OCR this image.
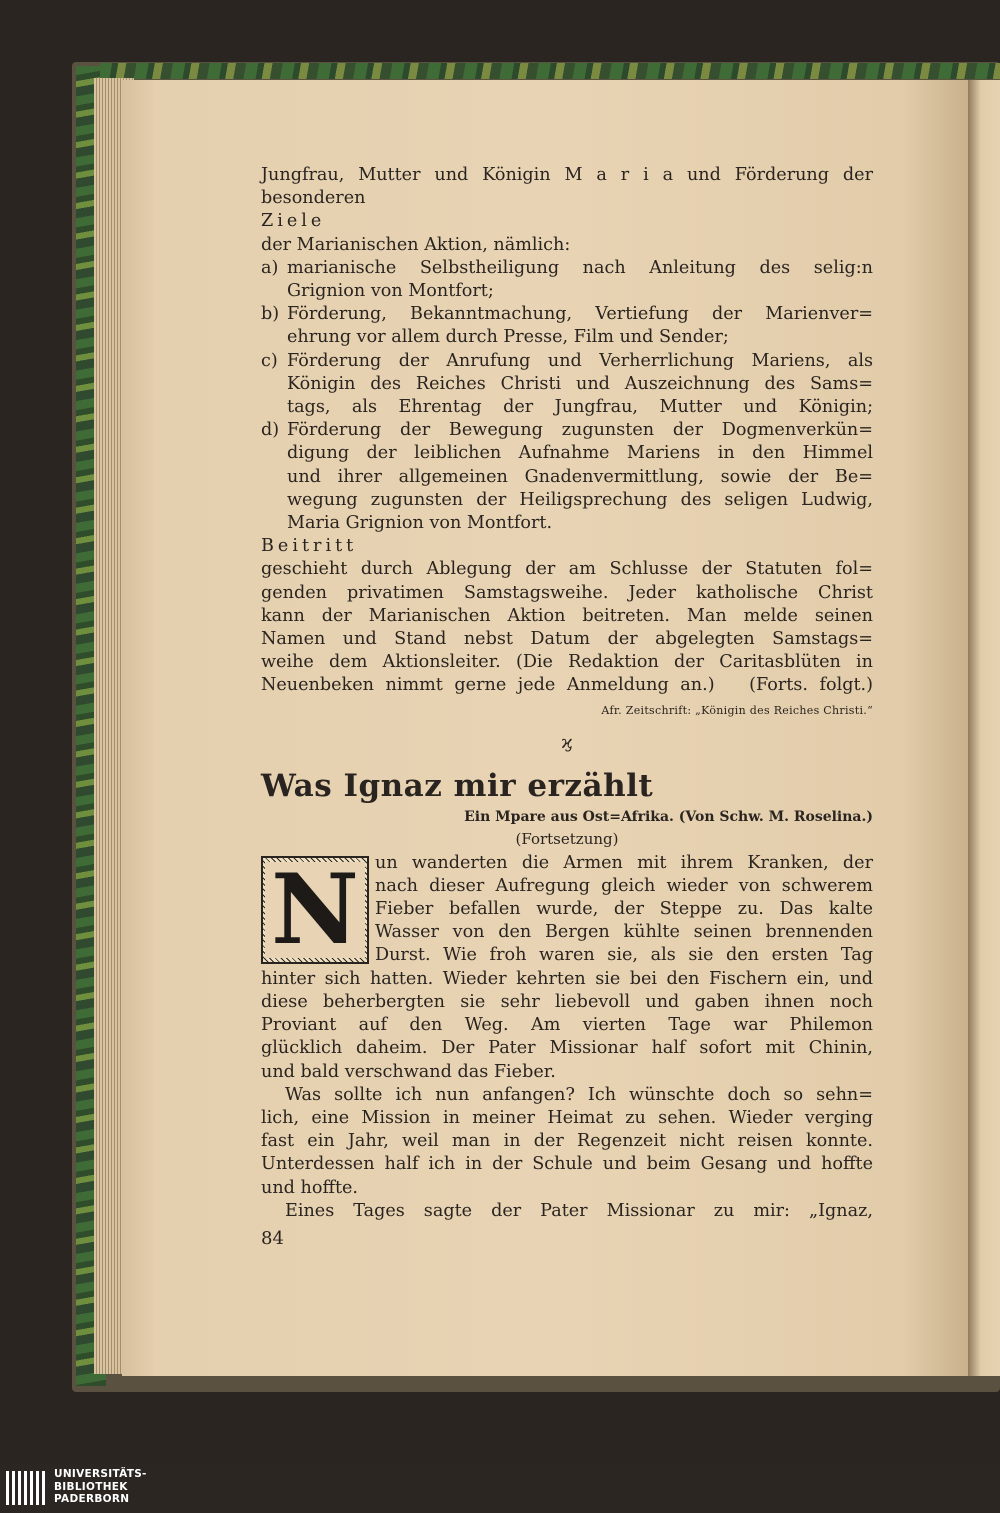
Jungfrau, Mutter und Königin M a r i a und Förderung der
besonderen
Ziele
der Marianischen Aktion, nämlich:
a) marianische Selbstheiligung nach Anleitung des selig:n
Grignion von Montfort;
b) Förderung, Bekanntmachung, Vertiefung der Marienver=
ehrung vor allem durch Presse, Film und Sender;
c) Förderung der Anrufung und Verherrlichung Mariens, als
Königin des Reiches Christi und Auszeichnung des Sams=
tags, als Ehrentag der Jungfrau, Mutter und Königin;
d) Förderung der Bewegung zugunsten der Dogmenverkün=
digung der leiblichen Aufnahme Mariens in den Himmel
und ihrer allgemeinen Gnadenvermittlung, sowie der Be=
wegung zugunsten der Heiligsprechung des seligen Ludwig,
Maria Grignion von Montfort.
Beitritt
geschieht durch Ablegung der am Schlusse der Statuten fol=
genden privatimen Samstagsweihe. Jeder katholische Christ
kann der Marianischen Aktion beitreten. Man melde seinen
Namen und Stand nebst Datum der abgelegten Samstags=
weihe dem Aktionsleiter. (Die Redaktion der Caritasblüten in
Neuenbeken nimmt gerne jede Anmeldung an.)   (Forts. folgt.)
Afr. Zeitschrift: „Königin des Reiches Christi.“
ϗ
Was Ignaz mir erzählt
Ein Mpare aus Ost=Afrika. (Von Schw. M. Roselina.)
(Fortsetzung)
N un wanderten die Armen mit ihrem Kranken, der
nach dieser Aufregung gleich wieder von schwerem
Fieber befallen wurde, der Steppe zu. Das kalte
Wasser von den Bergen kühlte seinen brennenden
Durst. Wie froh waren sie, als sie den ersten Tag
hinter sich hatten. Wieder kehrten sie bei den Fischern ein, und
diese beherbergten sie sehr liebevoll und gaben ihnen noch
Proviant auf den Weg. Am vierten Tage war Philemon
glücklich daheim. Der Pater Missionar half sofort mit Chinin,
und bald verschwand das Fieber.
Was sollte ich nun anfangen? Ich wünschte doch so sehn=
lich, eine Mission in meiner Heimat zu sehen. Wieder verging
fast ein Jahr, weil man in der Regenzeit nicht reisen konnte.
Unterdessen half ich in der Schule und beim Gesang und hoffte
und hoffte.
Eines Tages sagte der Pater Missionar zu mir: „Ignaz,
84
UNIVERSITÄTS-
BIBLIOTHEK
PADERBORN
